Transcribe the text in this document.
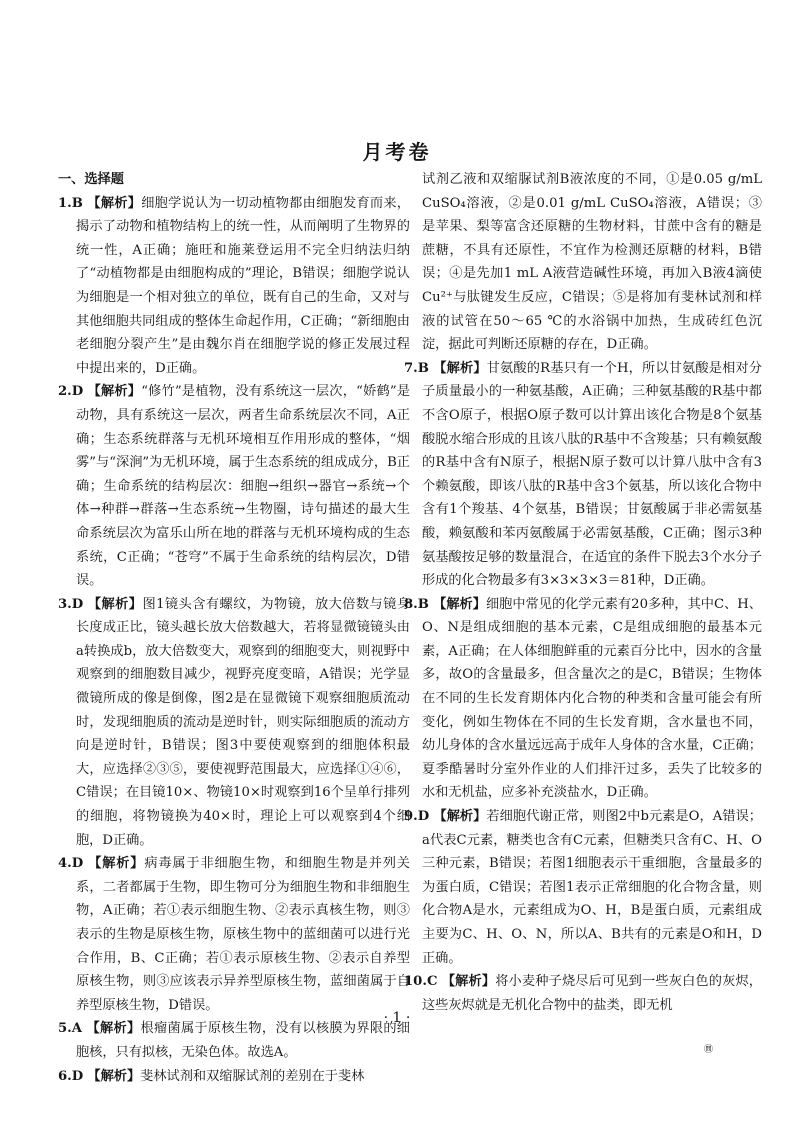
月考卷

一、选择题

1.B 【解析】细胞学说认为一切动植物都由细胞发育而来，揭示了动物和植物结构上的统一性，从而阐明了生物界的统一性，A正确；施旺和施莱登运用不完全归纳法归纳了“动植物都是由细胞构成的”理论，B错误；细胞学说认为细胞是一个相对独立的单位，既有自己的生命，又对与其他细胞共同组成的整体生命起作用，C正确；“新细胞由老细胞分裂产生”是由魏尔肖在细胞学说的修正发展过程中提出来的，D正确。
2.D 【解析】“修竹”是植物，没有系统这一层次，“娇鹤”是动物，具有系统这一层次，两者生命系统层次不同，A正确；生态系统群落与无机环境相互作用形成的整体，“烟雾”与“深涧”为无机环境，属于生态系统的组成成分，B正确；生命系统的结构层次：细胞→组织→器官→系统→个体→种群→群落→生态系统→生物圈，诗句描述的最大生命系统层次为富乐山所在地的群落与无机环境构成的生态系统，C正确；“苍穹”不属于生命系统的结构层次，D错误。
3.D 【解析】图1镜头含有螺纹，为物镜，放大倍数与镜身长度成正比，镜头越长放大倍数越大，若将显微镜镜头由a转换成b，放大倍数变大，观察到的细胞变大，则视野中观察到的细胞数目减少，视野亮度变暗，A错误；光学显微镜所成的像是倒像，图2是在显微镜下观察细胞质流动时，发现细胞质的流动是逆时针，则实际细胞质的流动方向是逆时针，B错误；图3中要使观察到的细胞体积最大，应选择②③⑤，要使视野范围最大，应选择①④⑥，C错误；在目镜10×、物镜10×时观察到16个呈单行排列的细胞，将物镜换为40×时，理论上可以观察到4个细胞，D正确。
4.D 【解析】病毒属于非细胞生物，和细胞生物是并列关系，二者都属于生物，即生物可分为细胞生物和非细胞生物，A正确；若①表示细胞生物、②表示真核生物，则③表示的生物是原核生物，原核生物中的蓝细菌可以进行光合作用，B、C正确；若①表示原核生物、②表示自养型原核生物，则③应该表示异养型原核生物，蓝细菌属于自养型原核生物，D错误。
5.A 【解析】根瘤菌属于原核生物，没有以核膜为界限的细胞核，只有拟核，无染色体。故选A。
6.D 【解析】斐林试剂和双缩脲试剂的差别在于斐林

试剂乙液和双缩脲试剂B液浓度的不同，①是0.05 g/mL CuSO₄溶液，②是0.01 g/mL CuSO₄溶液，A错误；③是苹果、梨等富含还原糖的生物材料，甘蔗中含有的糖是蔗糖，不具有还原性，不宜作为检测还原糖的材料，B错误；④是先加1 mL A液营造碱性环境，再加入B液4滴使Cu²⁺与肽键发生反应，C错误；⑤是将加有斐林试剂和样液的试管在50～65 ℃的水浴锅中加热，生成砖红色沉淀，据此可判断还原糖的存在，D正确。

7.B 【解析】甘氨酸的R基只有一个H，所以甘氨酸是相对分子质量最小的一种氨基酸，A正确；三种氨基酸的R基中都不含O原子，根据O原子数可以计算出该化合物是8个氨基酸脱水缩合形成的且该八肽的R基中不含羧基；只有赖氨酸的R基中含有N原子，根据N原子数可以计算八肽中含有3个赖氨酸，即该八肽的R基中含3个氨基，所以该化合物中含有1个羧基、4个氨基，B错误；甘氨酸属于非必需氨基酸，赖氨酸和苯丙氨酸属于必需氨基酸，C正确；图示3种氨基酸按足够的数量混合，在适宜的条件下脱去3个水分子形成的化合物最多有3×3×3×3＝81种，D正确。
8.B 【解析】细胞中常见的化学元素有20多种，其中C、H、O、N是组成细胞的基本元素，C是组成细胞的最基本元素，A正确；在人体细胞鲜重的元素百分比中，因水的含量多，故O的含量最多，但含量次之的是C，B错误；生物体在不同的生长发育期体内化合物的种类和含量可能会有所变化，例如生物体在不同的生长发育期，含水量也不同，幼儿身体的含水量远远高于成年人身体的含水量，C正确；夏季酷暑时分室外作业的人们排汗过多，丢失了比较多的水和无机盐，应多补充淡盐水，D正确。
9.D 【解析】若细胞代谢正常，则图2中b元素是O，A错误；a代表C元素，糖类也含有C元素，但糖类只含有C、H、O三种元素，B错误；若图1细胞表示干重细胞，含量最多的为蛋白质，C错误；若图1表示正常细胞的化合物含量，则化合物A是水，元素组成为O、H，B是蛋白质，元素组成主要为C、H、O、N，所以A、B共有的元素是O和H，D正确。
10.C 【解析】将小麦种子烧尽后可见到一些灰白色的灰烬，这些灰烬就是无机化合物中的盐类，即无机

· 1 ·

㉄
